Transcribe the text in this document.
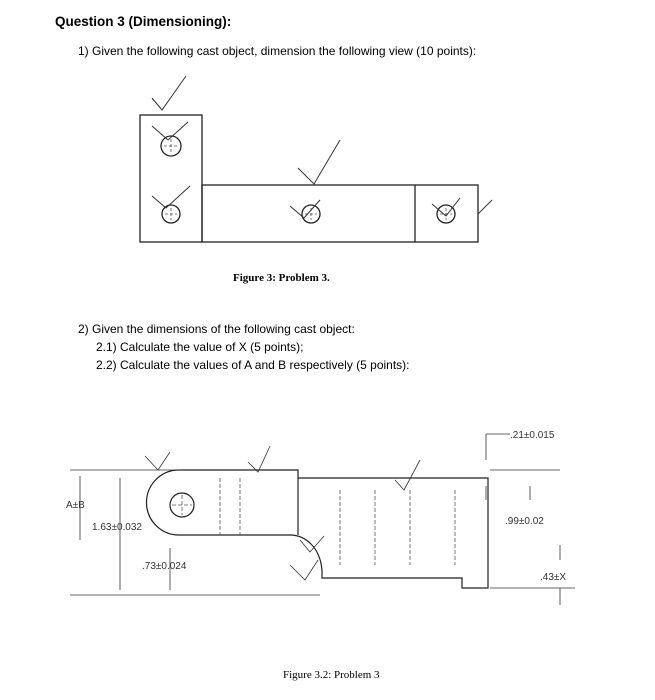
Question 3 (Dimensioning):
1) Given the following cast object, dimension the following view (10 points):
Figure 3: Problem 3.
2) Given the dimensions of the following cast object:
2.1) Calculate the value of X (5 points);
2.2) Calculate the values of A and B respectively (5 points):
Figure 3.2: Problem 3
.21±0.015
A±B
1.63±0.032
.73±0.024
.99±0.02
.43±X
